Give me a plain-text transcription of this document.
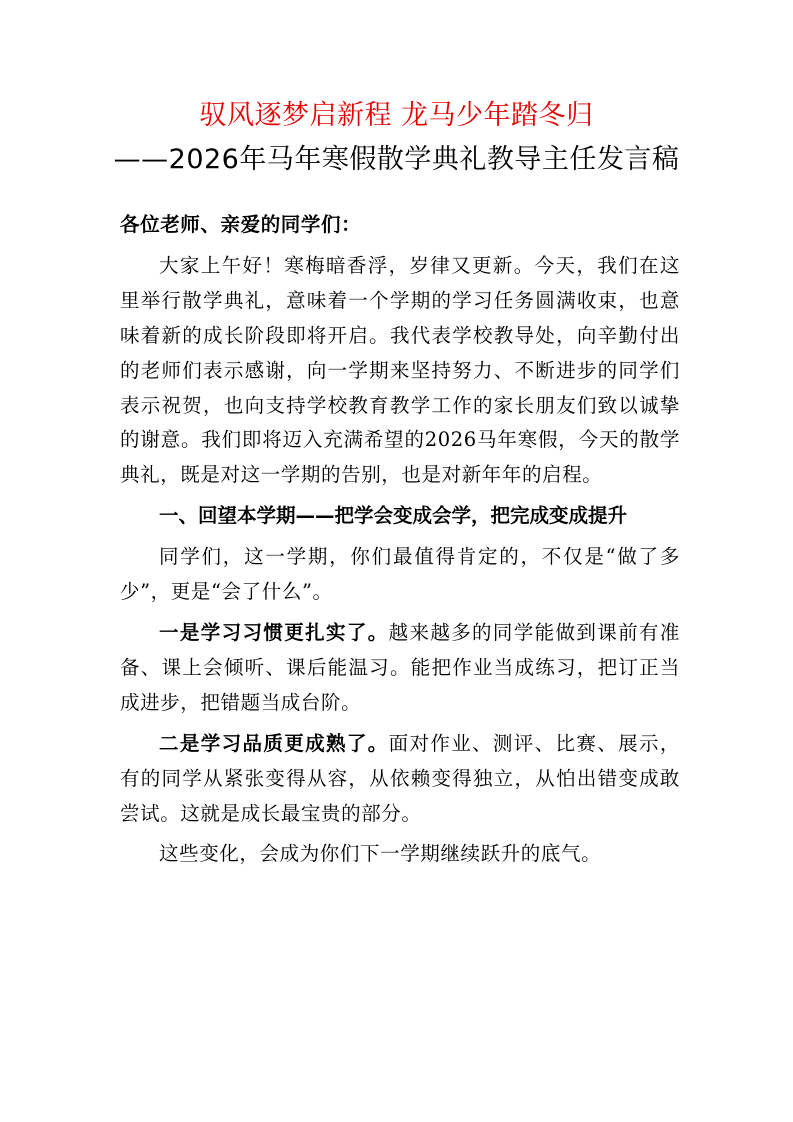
驭风逐梦启新程 龙马少年踏冬归
——2026年马年寒假散学典礼教导主任发言稿

各位老师、亲爱的同学们：

大家上午好！寒梅暗香浮，岁律又更新。今天，我们在这里举行散学典礼，意味着一个学期的学习任务圆满收束，也意味着新的成长阶段即将开启。我代表学校教导处，向辛勤付出的老师们表示感谢，向一学期来坚持努力、不断进步的同学们表示祝贺，也向支持学校教育教学工作的家长朋友们致以诚挚的谢意。我们即将迈入充满希望的2026马年寒假，今天的散学典礼，既是对这一学期的告别，也是对新年年的启程。

一、回望本学期——把学会变成会学，把完成变成提升

同学们，这一学期，你们最值得肯定的，不仅是“做了多少”，更是“会了什么”。

一是学习习惯更扎实了。越来越多的同学能做到课前有准备、课上会倾听、课后能温习。能把作业当成练习，把订正当成进步，把错题当成台阶。

二是学习品质更成熟了。面对作业、测评、比赛、展示，有的同学从紧张变得从容，从依赖变得独立，从怕出错变成敢尝试。这就是成长最宝贵的部分。

这些变化，会成为你们下一学期继续跃升的底气。
